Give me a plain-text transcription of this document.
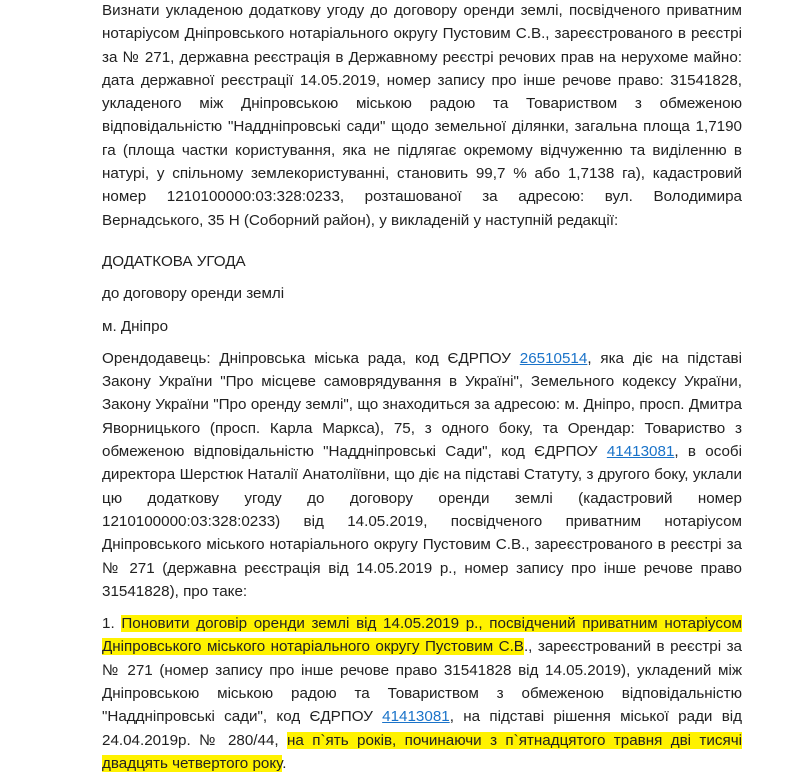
Визнати укладеною додаткову угоду до договору оренди землі, посвідченого приватним нотаріусом Дніпровського нотаріального округу Пустовим С.В., зареєстрованого в реєстрі за № 271, державна реєстрація в Державному реєстрі речових прав на нерухоме майно: дата державної реєстрації 14.05.2019, номер запису про інше речове право: 31541828, укладеного між Дніпровською міською радою та Товариством з обмеженою відповідальністю "Наддніпровські сади" щодо земельної ділянки, загальна площа 1,7190 га (площа частки користування, яка не підлягає окремому відчуженню та виділенню в натурі, у спільному землекористуванні, становить 99,7 % або 1,7138 га), кадастровий номер 1210100000:03:328:0233, розташованої за адресою: вул. Володимира Вернадського, 35 Н (Соборний район), у викладеній у наступній редакції:

ДОДАТКОВА УГОДА

до договору оренди землі

м. Дніпро

Орендодавець: Дніпровська міська рада, код ЄДРПОУ 26510514, яка діє на підставі Закону України "Про місцеве самоврядування в Україні", Земельного кодексу України, Закону України "Про оренду землі", що знаходиться за адресою: м. Дніпро, просп. Дмитра Яворницького (просп. Карла Маркса), 75, з одного боку, та Орендар: Товариство з обмеженою відповідальністю "Наддніпровські Сади", код ЄДРПОУ 41413081, в особі директора Шерстюк Наталії Анатоліївни, що діє на підставі Статуту, з другого боку, уклали цю додаткову угоду до договору оренди землі (кадастровий номер 1210100000:03:328:0233) від 14.05.2019, посвідченого приватним нотаріусом Дніпровського міського нотаріального округу Пустовим С.В., зареєстрованого в реєстрі за № 271 (державна реєстрація від 14.05.2019 р., номер запису про інше речове право 31541828), про таке:

1. Поновити договір оренди землі від 14.05.2019 р., посвідчений приватним нотаріусом Дніпровського міського нотаріального округу Пустовим С.В., зареєстрований в реєстрі за № 271 (номер запису про інше речове право 31541828 від 14.05.2019), укладений між Дніпровською міською радою та Товариством з обмеженою відповідальністю "Наддніпровські сади", код ЄДРПОУ 41413081, на підставі рішення міської ради від 24.04.2019р. № 280/44, на п`ять років, починаючи з п`ятнадцятого травня дві тисячі двадцять четвертого року.
